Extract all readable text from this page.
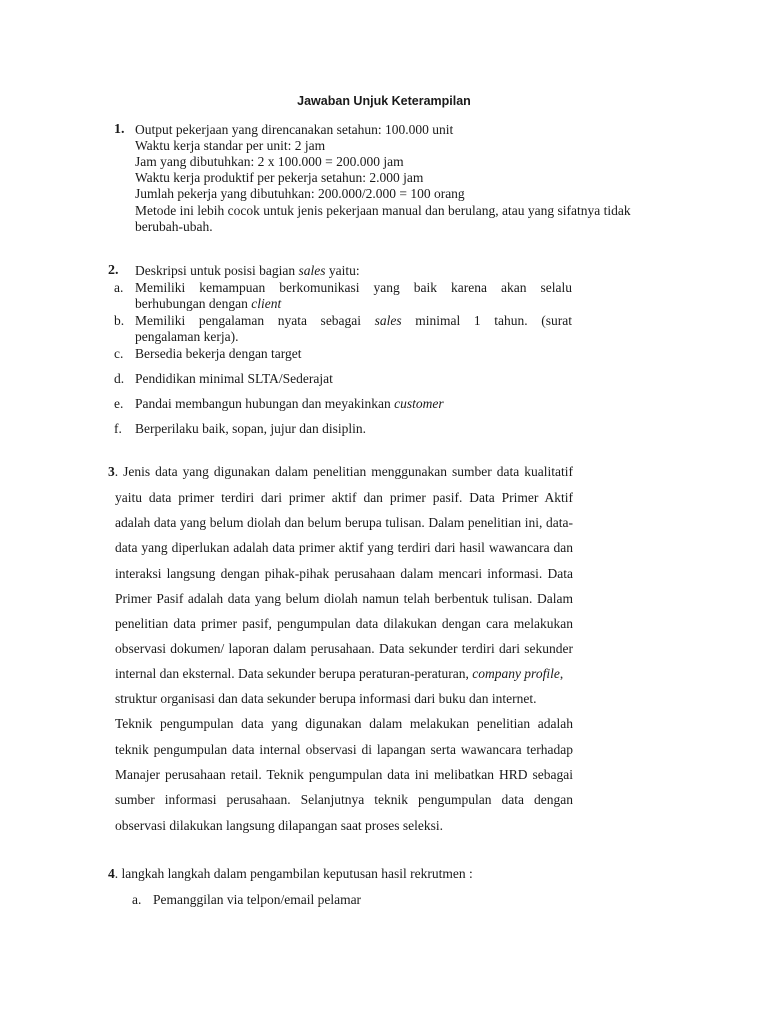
Jawaban Unjuk Keterampilan
1. Output pekerjaan yang direncanakan setahun: 100.000 unit
Waktu kerja standar per unit: 2 jam
Jam yang dibutuhkan: 2 x 100.000 = 200.000 jam
Waktu kerja produktif per pekerja setahun: 2.000 jam
Jumlah pekerja yang dibutuhkan: 200.000/2.000 = 100 orang
Metode ini lebih cocok untuk jenis pekerjaan manual dan berulang, atau yang sifatnya tidak
berubah-ubah.
2. Deskripsi untuk posisi bagian sales yaitu:
a. Memiliki kemampuan berkomunikasi yang baik karena akan selalu
berhubungan dengan client
b. Memiliki pengalaman nyata sebagai sales minimal 1 tahun. (surat
pengalaman kerja).
c. Bersedia bekerja dengan target
d. Pendidikan minimal SLTA/Sederajat
e. Pandai membangun hubungan dan meyakinkan customer
f. Berperilaku baik, sopan, jujur dan disiplin.
3. Jenis data yang digunakan dalam penelitian menggunakan sumber data kualitatif
yaitu data primer terdiri dari primer aktif dan primer pasif. Data Primer Aktif
adalah data yang belum diolah dan belum berupa tulisan. Dalam penelitian ini, data-
data yang diperlukan adalah data primer aktif yang terdiri dari hasil wawancara dan
interaksi langsung dengan pihak-pihak perusahaan dalam mencari informasi. Data
Primer Pasif adalah data yang belum diolah namun telah berbentuk tulisan. Dalam
penelitian data primer pasif, pengumpulan data dilakukan dengan cara melakukan
observasi dokumen/ laporan dalam perusahaan. Data sekunder terdiri dari sekunder
internal dan eksternal. Data sekunder berupa peraturan-peraturan, company profile,
struktur organisasi dan data sekunder berupa informasi dari buku dan internet.
Teknik pengumpulan data yang digunakan dalam melakukan penelitian adalah
teknik pengumpulan data internal observasi di lapangan serta wawancara terhadap
Manajer perusahaan retail. Teknik pengumpulan data ini melibatkan HRD sebagai
sumber informasi perusahaan. Selanjutnya teknik pengumpulan data dengan
observasi dilakukan langsung dilapangan saat proses seleksi.
4. langkah langkah dalam pengambilan keputusan hasil rekrutmen :
a. Pemanggilan via telpon/email pelamar
